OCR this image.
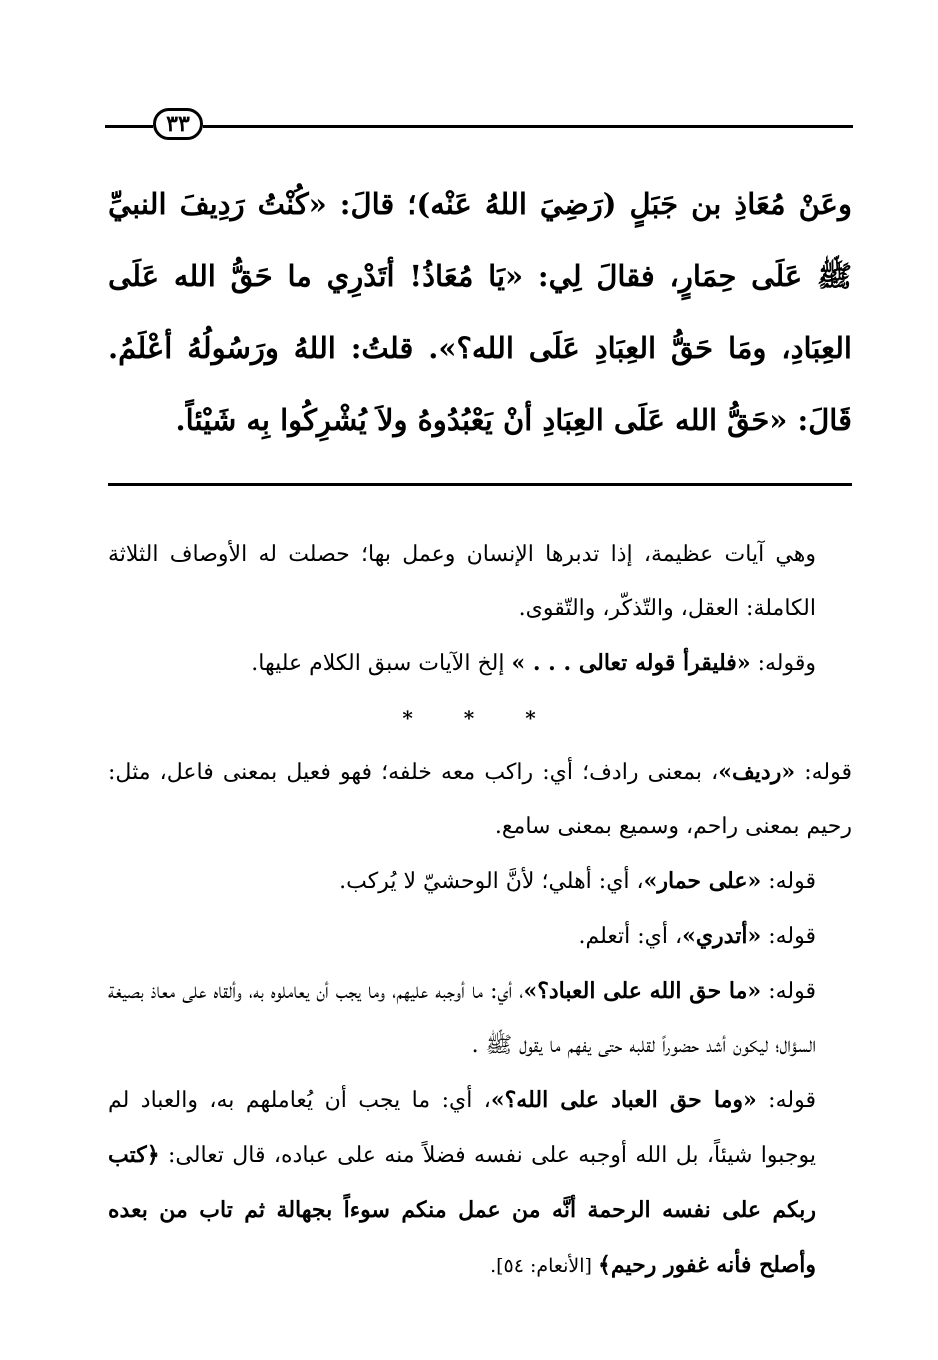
٣٣

وعَنْ مُعَاذِ بن جَبَلٍ (رَضِيَ اللهُ عَنْه)؛ قالَ: «كُنْتُ رَدِيفَ النبيِّ ﷺ عَلَى حِمَارٍ، فقالَ لِي: «يَا مُعَاذُ! أتَدْرِي ما حَقُّ الله عَلَى العِبَادِ، ومَا حَقُّ العِبَادِ عَلَى الله؟». قلتُ: اللهُ ورَسُولُهُ أعْلَمُ. قَالَ: «حَقُّ الله عَلَى العِبَادِ أنْ يَعْبُدُوهُ ولاَ يُشْرِكُوا بِه شَيْئاً.

وهي آيات عظيمة، إذا تدبرها الإنسان وعمل بها؛ حصلت له الأوصاف الثلاثة الكاملة: العقل، والتّذكّر، والتّقوى.

وقوله: «فليقرأ قوله تعالى . . . » إلخ الآيات سبق الكلام عليها.

* * *

قوله: «رديف»، بمعنى رادف؛ أي: راكب معه خلفه؛ فهو فعيل بمعنى فاعل، مثل: رحيم بمعنى راحم، وسميع بمعنى سامع.

قوله: «على حمار»، أي: أهلي؛ لأنَّ الوحشيّ لا يُركب.

قوله: «أتدري»، أي: أتعلم.

قوله: «ما حق الله على العباد؟»، أي: ما أوجبه عليهم، وما يجب أن يعاملوه به، وألقاه على معاذ بصيغة السؤال؛ ليكون أشد حضوراً لقلبه حتى يفهم ما يقول ﷺ .

قوله: «وما حق العباد على الله؟»، أي: ما يجب أن يُعاملهم به، والعباد لم يوجبوا شيئاً، بل الله أوجبه على نفسه فضلاً منه على عباده، قال تعالى: ﴿كتب ربكم على نفسه الرحمة أنَّه من عمل منكم سوءاً بجهالة ثم تاب من بعده وأصلح فأنه غفور رحيم﴾ [الأنعام: ٥٤].
